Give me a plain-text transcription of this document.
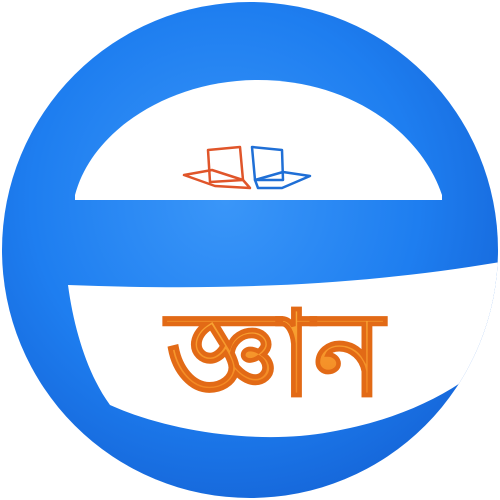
জ্ঞান
